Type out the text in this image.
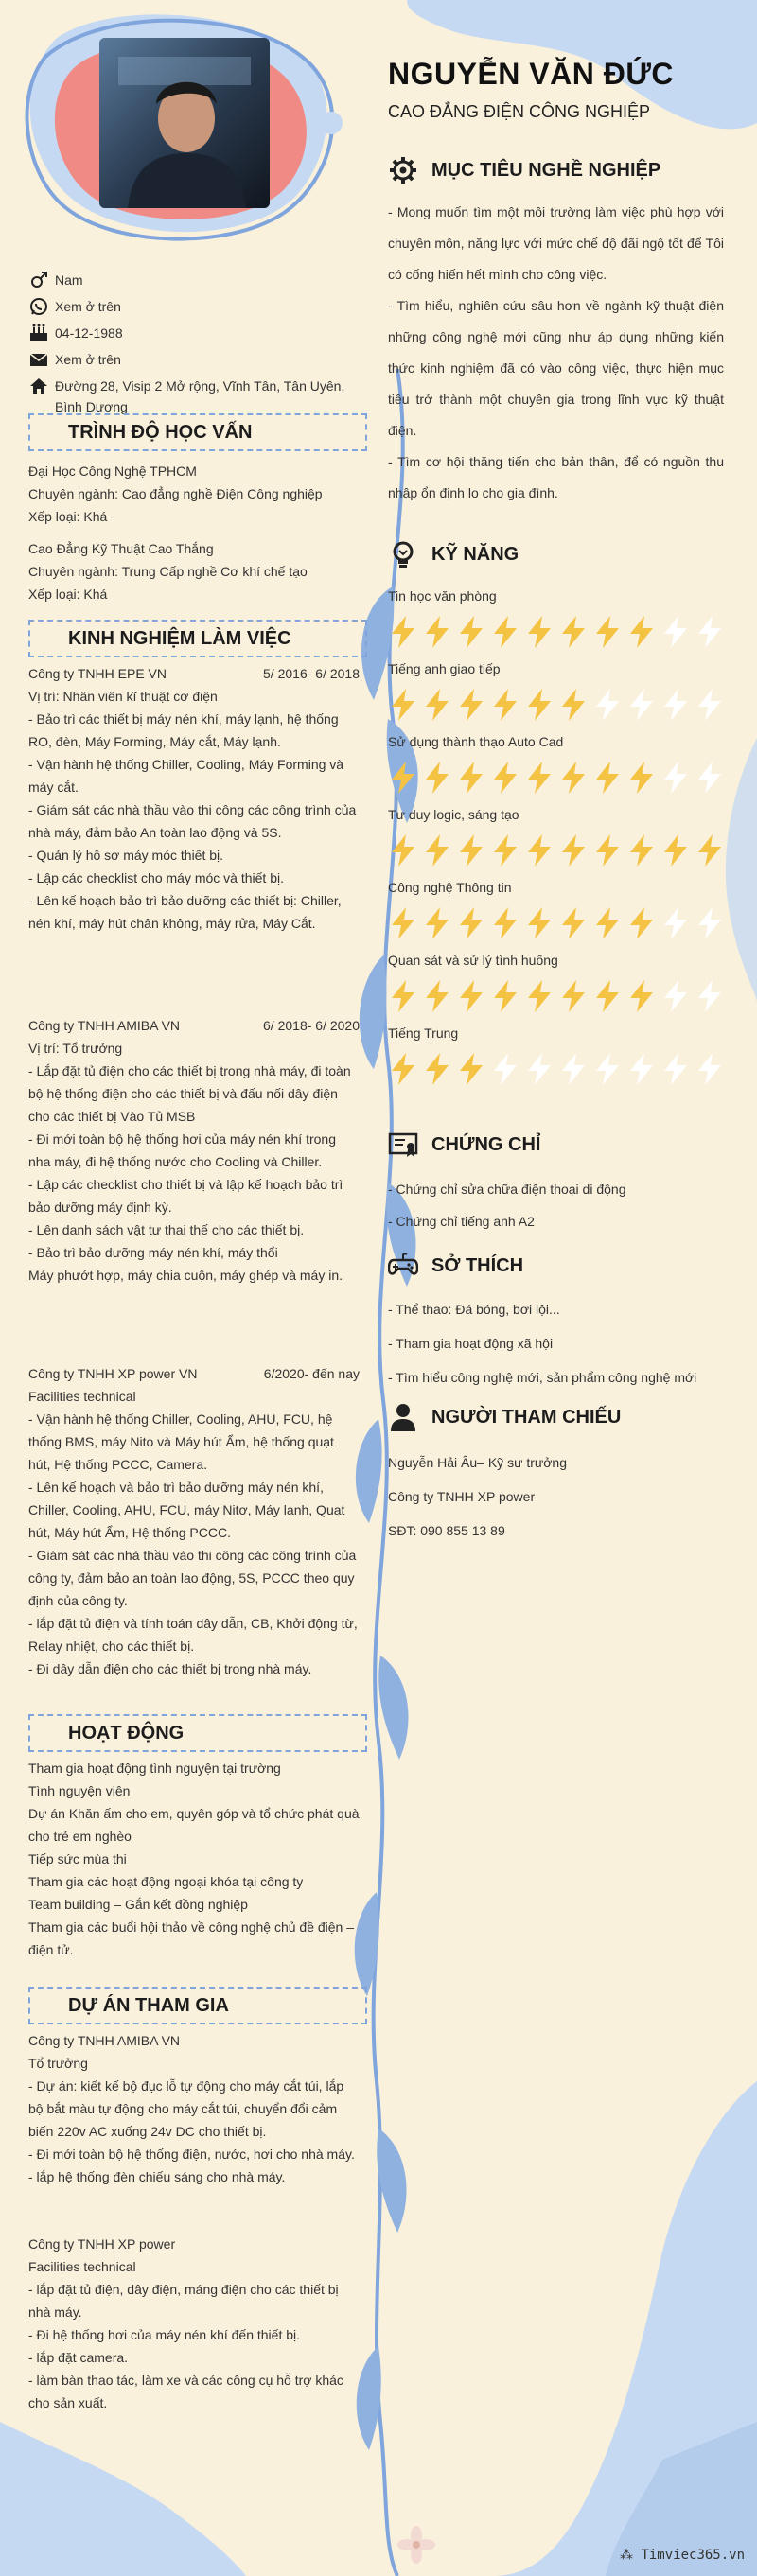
Nam
Xem ở trên
04-12-1988
Xem ở trên
Đường 28, Visip 2 Mở rộng, Vĩnh Tân, Tân Uyên, Bình Dương
TRÌNH ĐỘ HỌC VẤN

Đại Học Công Nghệ TPHCM

Chuyên ngành: Cao đẳng nghề Điện Công nghiệp

Xếp loại: Khá

Cao Đẳng Kỹ Thuật Cao Thắng

Chuyên ngành: Trung Cấp nghề Cơ khí chế tạo

Xếp loại: Khá

KINH NGHIỆM LÀM VIỆC
Công ty TNHH EPE VN	5/ 2016- 6/ 2018

Vị trí: Nhân viên kĩ thuật cơ điện

- Bảo trì các thiết bị máy nén khí, máy lạnh, hệ thống RO, đèn, Máy Forming, Máy cắt, Máy lạnh.

- Vận hành hệ thống Chiller, Cooling, Máy Forming và máy cắt.

- Giám sát các nhà thầu vào thi công các công trình của nhà máy, đảm bảo An toàn lao động và 5S.

- Quản lý hồ sơ máy móc thiết bị.

- Lập các checklist cho máy móc và thiết bị.

- Lên kế hoạch bảo trì bảo dưỡng các thiết bị: Chiller, nén khí, máy hút chân không, máy rửa, Máy Cắt.

Công ty TNHH AMIBA VN	6/ 2018- 6/ 2020

Vị trí: Tổ trưởng

- Lắp đặt tủ điện cho các thiết bị trong nhà máy, đi toàn bộ hệ thống điện cho các thiết bị và đấu nối dây điện cho các thiết bị Vào Tủ MSB

- Đi mới toàn bộ hệ thống hơi của máy nén khí trong nha máy, đi hệ thống nước cho Cooling và Chiller.

- Lập các checklist cho thiết bị và lập kế hoạch bảo trì bảo dưỡng máy định kỳ.

- Lên danh sách vật tư thai thế cho các thiết bị.

- Bảo trì bảo dưỡng máy nén khí, máy thổi

Máy phướt hợp, máy chia cuộn, máy ghép và máy in.

Công ty TNHH XP power VN	6/2020- đến nay

Facilities technical

- Vận hành hệ thống Chiller, Cooling, AHU, FCU, hệ thống BMS, máy Nito và Máy hút Ẩm, hệ thống quạt hút, Hệ thống PCCC, Camera.

- Lên kế hoạch và bảo trì bảo dưỡng máy nén khí, Chiller, Cooling, AHU, FCU, máy Nitơ, Máy lạnh, Quạt hút, Máy hút Ẩm, Hệ thống PCCC.

- Giám sát các nhà thầu vào thi công các công trình của công ty, đảm bảo an toàn lao động, 5S, PCCC theo quy định của công ty.

- lắp đặt tủ điện và tính toán dây dẫn, CB, Khởi động từ, Relay nhiệt, cho các thiết bị.

- Đi dây dẫn điện cho các thiết bị trong nhà máy.

HOẠT ĐỘNG

Tham gia hoạt động tình nguyện tại trường

Tình nguyện viên

Dự án Khăn ấm cho em, quyên góp và tổ chức phát quà cho trẻ em nghèo

Tiếp sức mùa thi

Tham gia các hoạt động ngoại khóa tại công ty

Team building – Gắn kết đồng nghiệp

Tham gia các buổi hội thảo về công nghệ chủ đề điện – điện tử.

DỰ ÁN THAM GIA

Công ty TNHH AMIBA VN

Tổ trưởng

- Dự án: kiết kế bộ đục lỗ tự động cho máy cắt túi, lắp bộ bắt màu tự động cho máy cắt túi, chuyển đổi cảm biến 220v AC xuống 24v DC cho thiết bị.

- Đi mới toàn bộ hệ thống điện, nước, hơi cho nhà máy.

- lắp hệ thống đèn chiếu sáng cho nhà máy.

Công ty TNHH XP power

Facilities technical

- lắp đặt tủ điện, dây điện, máng điện cho các thiết bị nhà máy.

- Đi hệ thống hơi của máy nén khí đến thiết bị.

- lắp đặt camera.

- làm bàn thao tác, làm xe và các công cụ hỗ trợ khác cho sản xuất.

NGUYỄN VĂN ĐỨC
CAO ĐẲNG ĐIỆN CÔNG NGHIỆP
MỤC TIÊU NGHỀ NGHIỆP

- Mong muốn tìm một môi trường làm việc phù hợp với chuyên môn, năng lực với mức chế độ đãi ngộ tốt để Tôi có cống hiến hết mình cho công việc.

- Tìm hiểu, nghiên cứu sâu hơn về ngành kỹ thuật điện những công nghệ mới cũng như áp dụng những kiến thức kinh nghiệm đã có vào công việc, thực hiện mục tiêu trở thành một chuyên gia trong lĩnh vực kỹ thuật điện.

- Tìm cơ hội thăng tiến cho bản thân, để có nguồn thu nhập ổn định lo cho gia đình.

KỸ NĂNG
Tin học văn phòng
Tiếng anh giao tiếp
Sử dụng thành thạo Auto Cad
Tư duy logic, sáng tạo
Công nghệ Thông tin
Quan sát và sử lý tình huống
Tiếng Trung
CHỨNG CHỈ

- Chứng chỉ sửa chữa điện thoại di động

- Chứng chỉ tiếng anh A2

SỞ THÍCH

- Thể thao: Đá bóng, bơi lội...

- Tham gia hoạt động xã hội

- Tìm hiểu công nghệ mới, sản phẩm công nghệ mới

NGƯỜI THAM CHIẾU

Nguyễn Hải Âu– Kỹ sư trưởng

Công ty TNHH XP power

SĐT: 090 855 13 89

⁂ Timviec365.vn
